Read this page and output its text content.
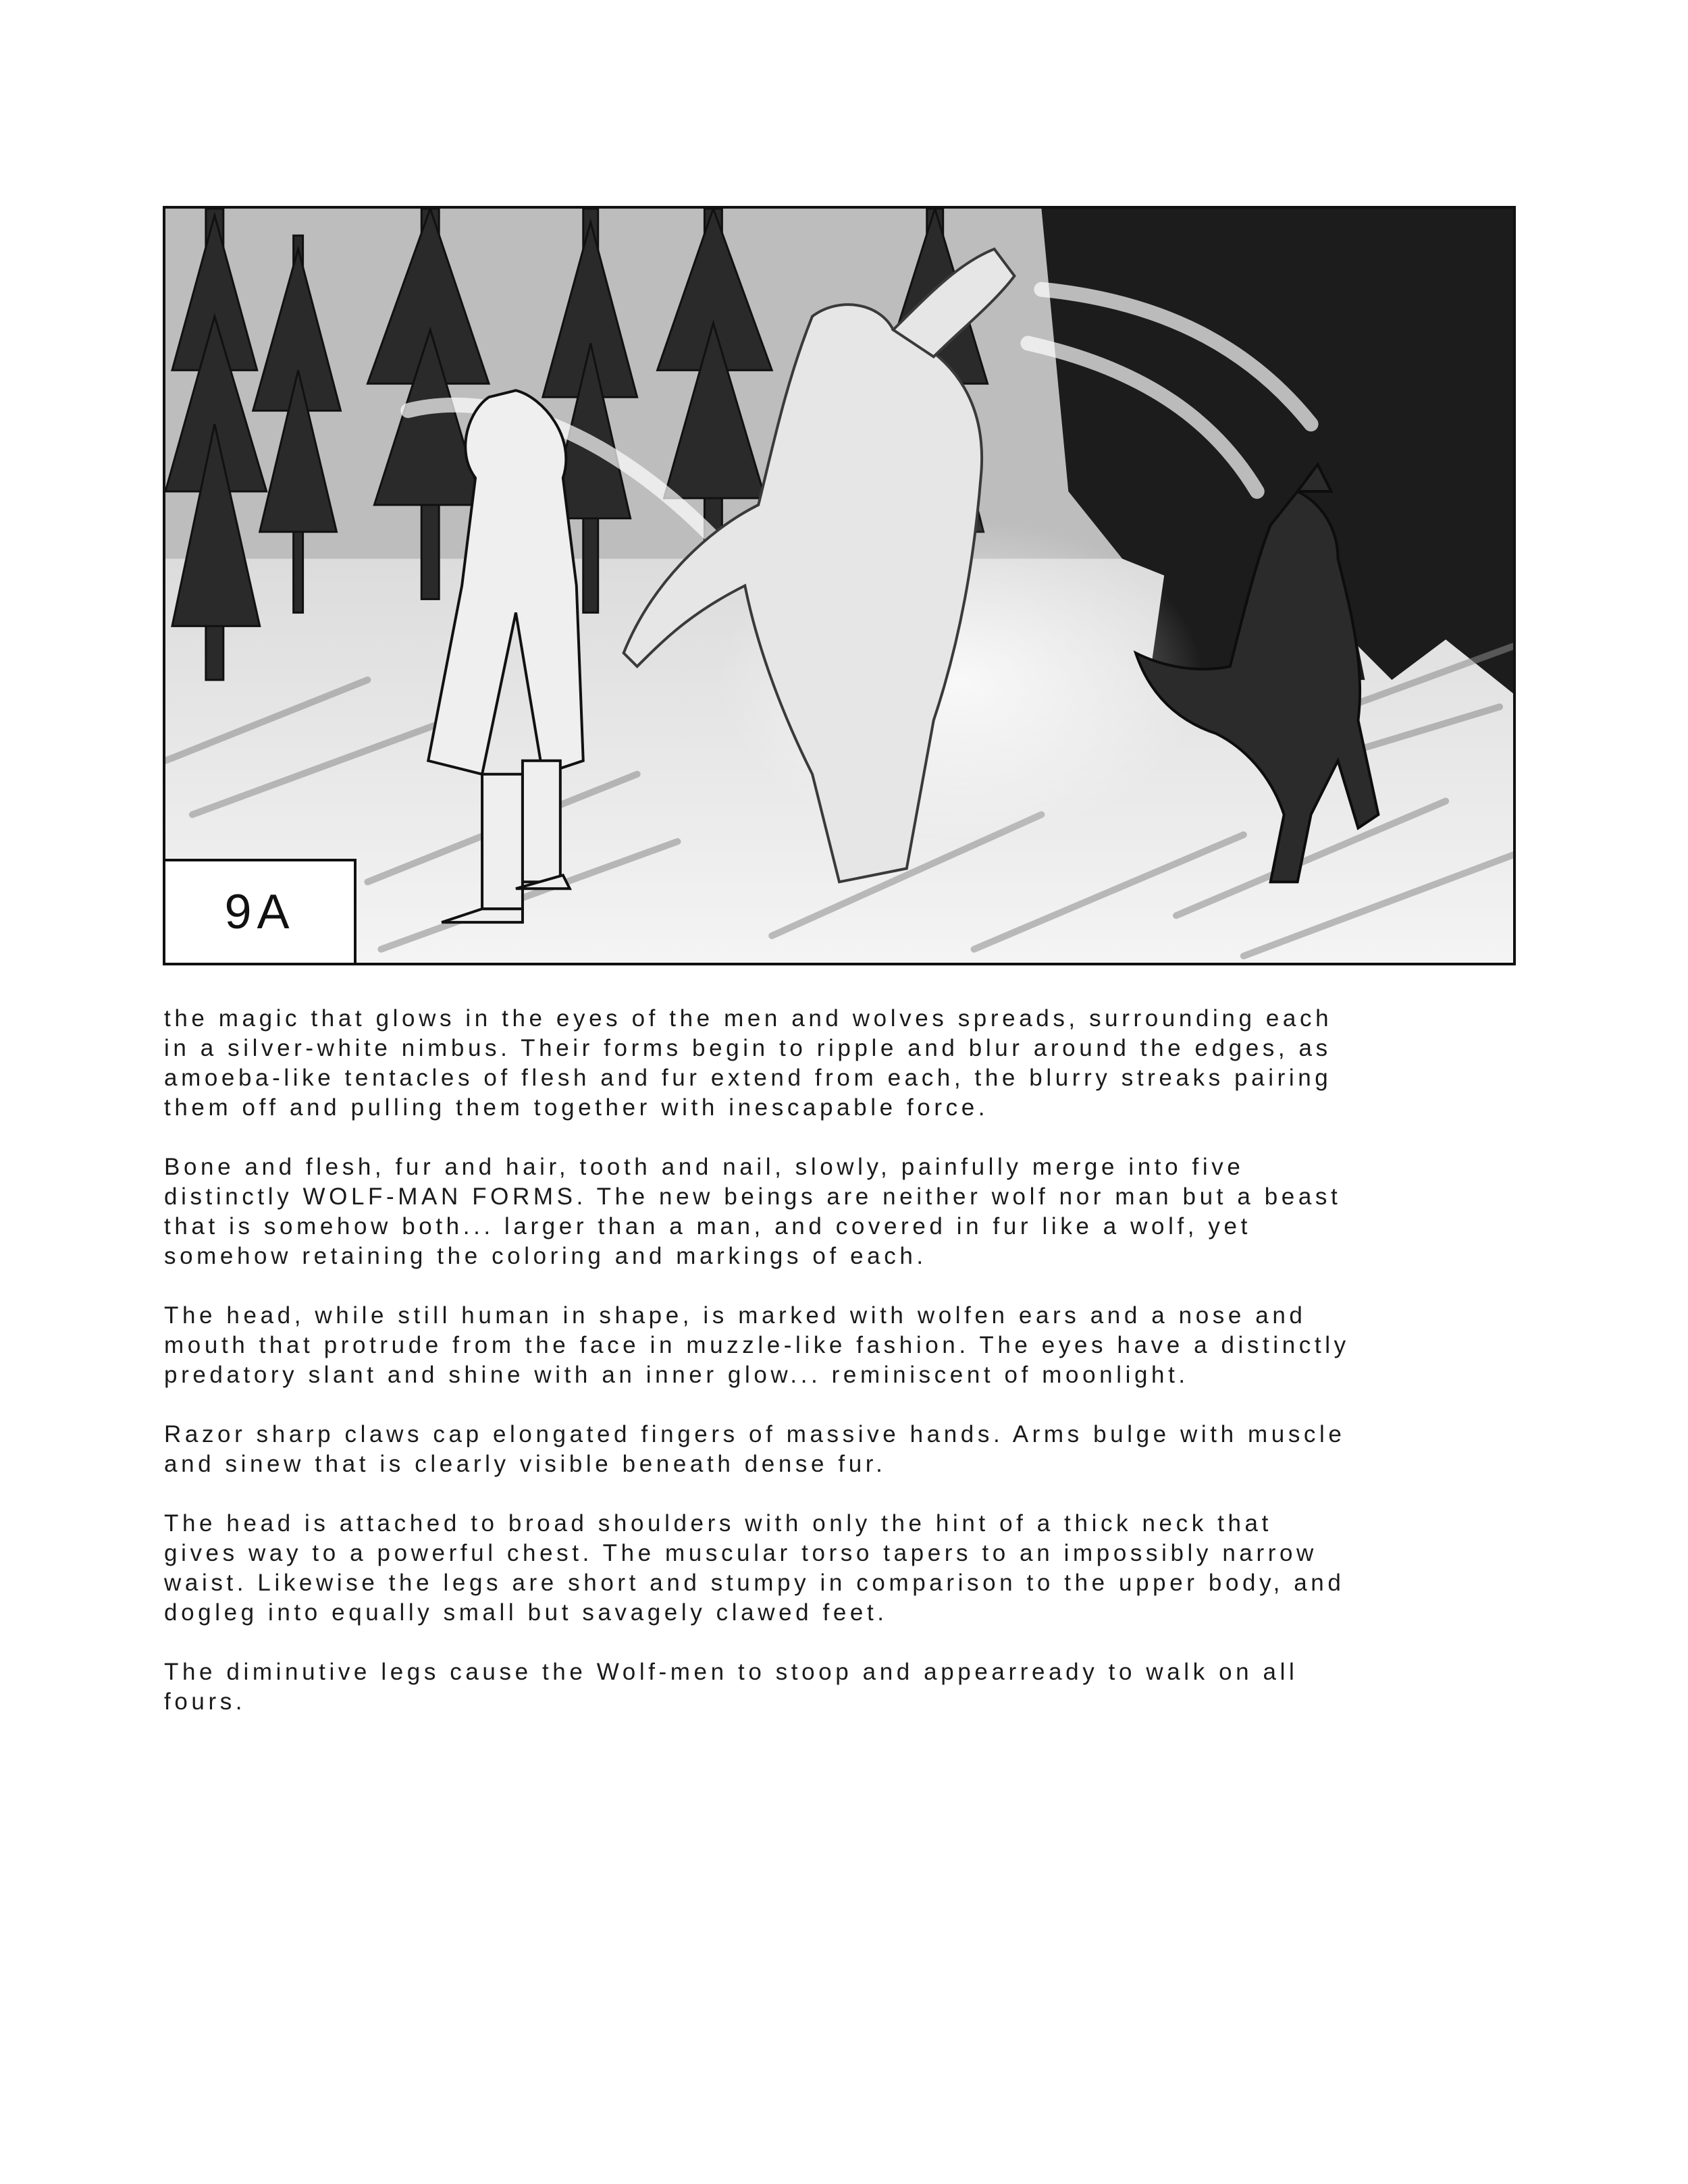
9A

the magic that glows in the eyes of the men and wolves spreads, surrounding each
in a silver-white nimbus. Their forms begin to ripple and blur around the edges, as
amoeba-like tentacles of flesh and fur extend from each, the blurry streaks pairing
them off and pulling them together with inescapable force.

Bone and flesh, fur and hair, tooth and nail, slowly, painfully merge into five
distinctly WOLF-MAN FORMS. The new beings are neither wolf nor man but a beast
that is somehow both... larger than a man, and covered in fur like a wolf, yet
somehow retaining the coloring and markings of each.

The head, while still human in shape, is marked with wolfen ears and a nose and
mouth that protrude from the face in muzzle-like fashion. The eyes have a distinctly
predatory slant and shine with an inner glow... reminiscent of moonlight.

Razor sharp claws cap elongated fingers of massive hands. Arms bulge with muscle
and sinew that is clearly visible beneath dense fur.

The head is attached to broad shoulders with only the hint of a thick neck that
gives way to a powerful chest. The muscular torso tapers to an impossibly narrow
waist. Likewise the legs are short and stumpy in comparison to the upper body, and
dogleg into equally small but savagely clawed feet.

The diminutive legs cause the Wolf-men to stoop and appearready to walk on all
fours.
